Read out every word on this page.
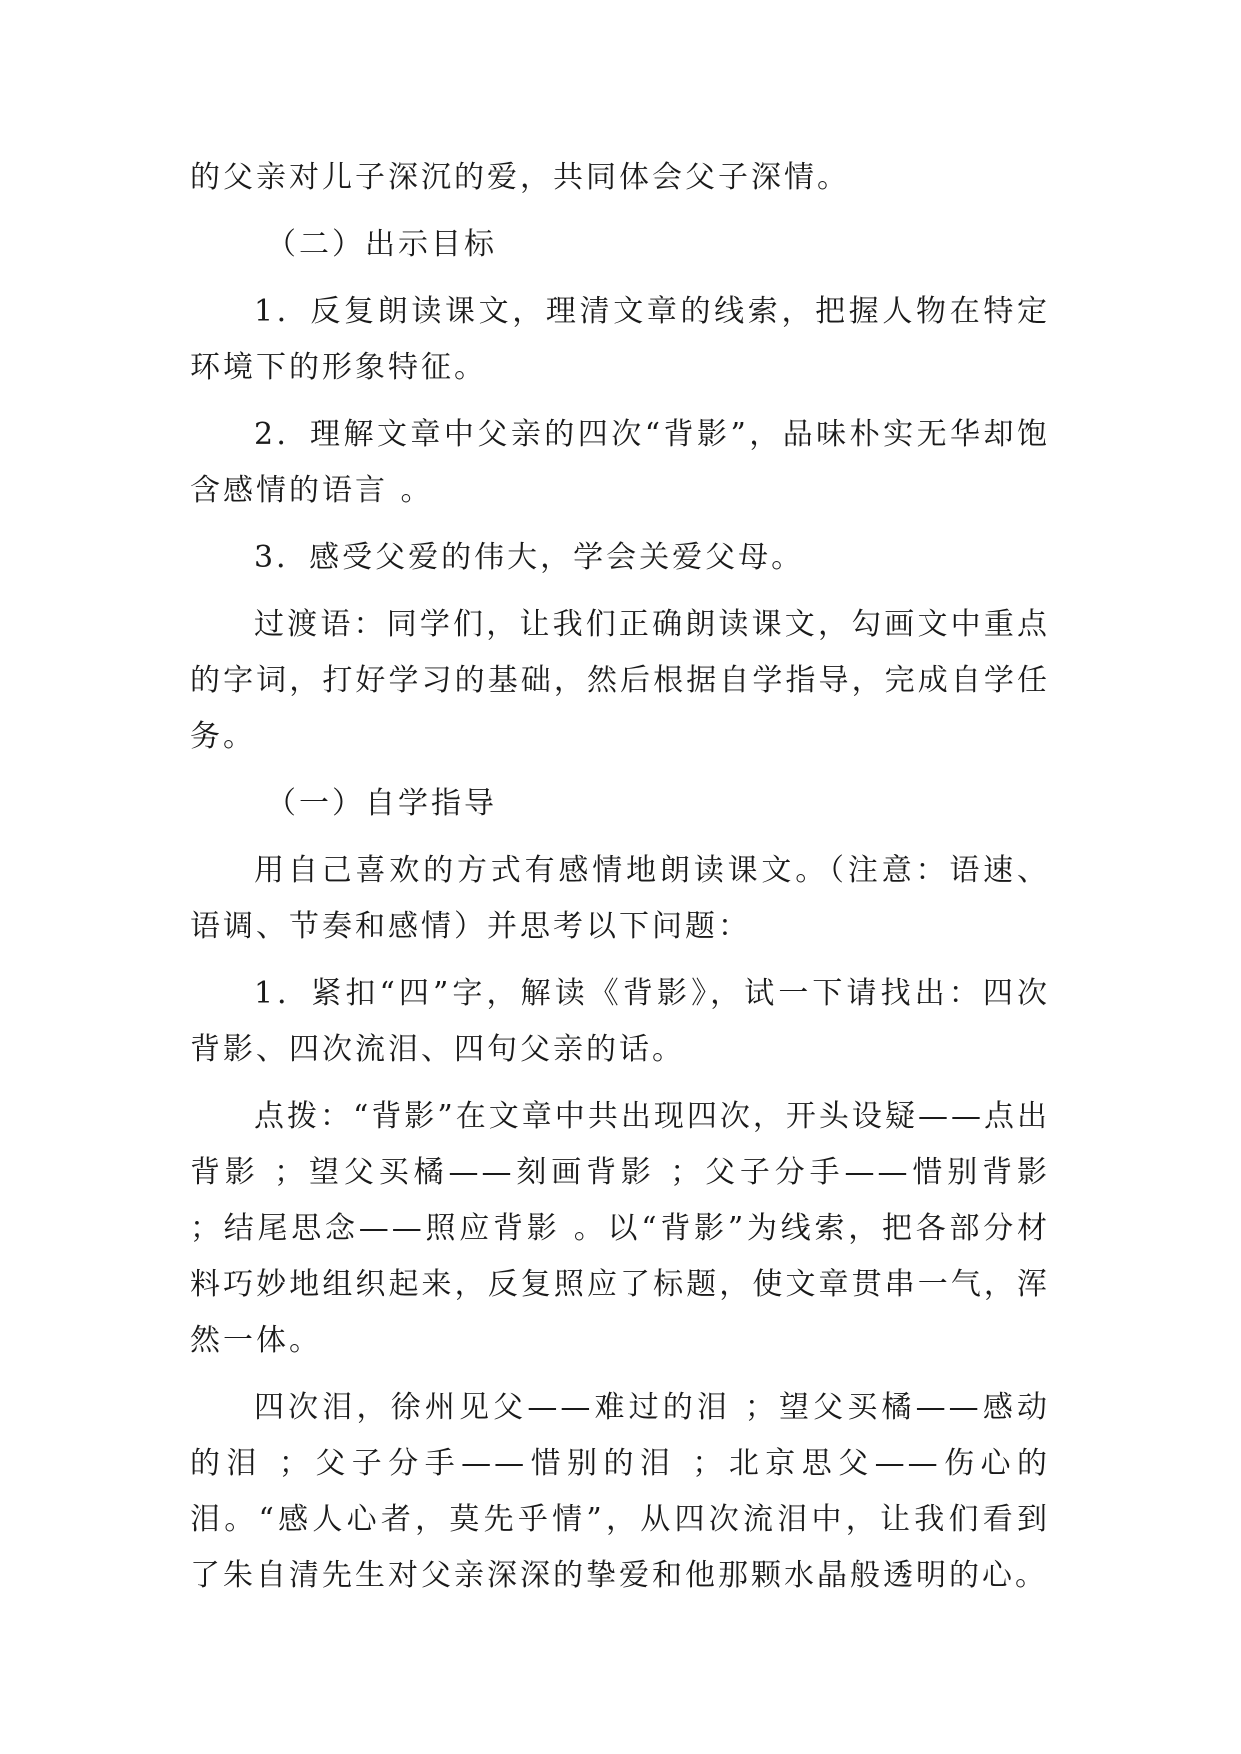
的父亲对儿子深沉的爱，共同体会父子深情。

（二）出示目标

1．反复朗读课文，理清文章的线索，把握人物在特定环境下的形象特征。

2．理解文章中父亲的四次“背影”，品味朴实无华却饱含感情的语言 。

3．感受父爱的伟大，学会关爱父母。

过渡语：同学们，让我们正确朗读课文，勾画文中重点的字词，打好学习的基础，然后根据自学指导，完成自学任务。

（一）自学指导

用自己喜欢的方式有感情地朗读课文。（注意：语速、语调、节奏和感情）并思考以下问题：

1．紧扣“四”字，解读《背影》，试一下请找出：四次背影、四次流泪、四句父亲的话。

点拨：“背影”在文章中共出现四次，开头设疑——点出背影 ；望父买橘——刻画背影 ；父子分手——惜别背影 ；结尾思念——照应背影 。以“背影”为线索，把各部分材料巧妙地组织起来，反复照应了标题，使文章贯串一气，浑然一体。

四次泪，徐州见父——难过的泪 ；望父买橘——感动的泪 ；父子分手——惜别的泪 ；北京思父——伤心的泪。“感人心者，莫先乎情”，从四次流泪中，让我们看到了朱自清先生对父亲深深的挚爱和他那颗水晶般透明的心。
